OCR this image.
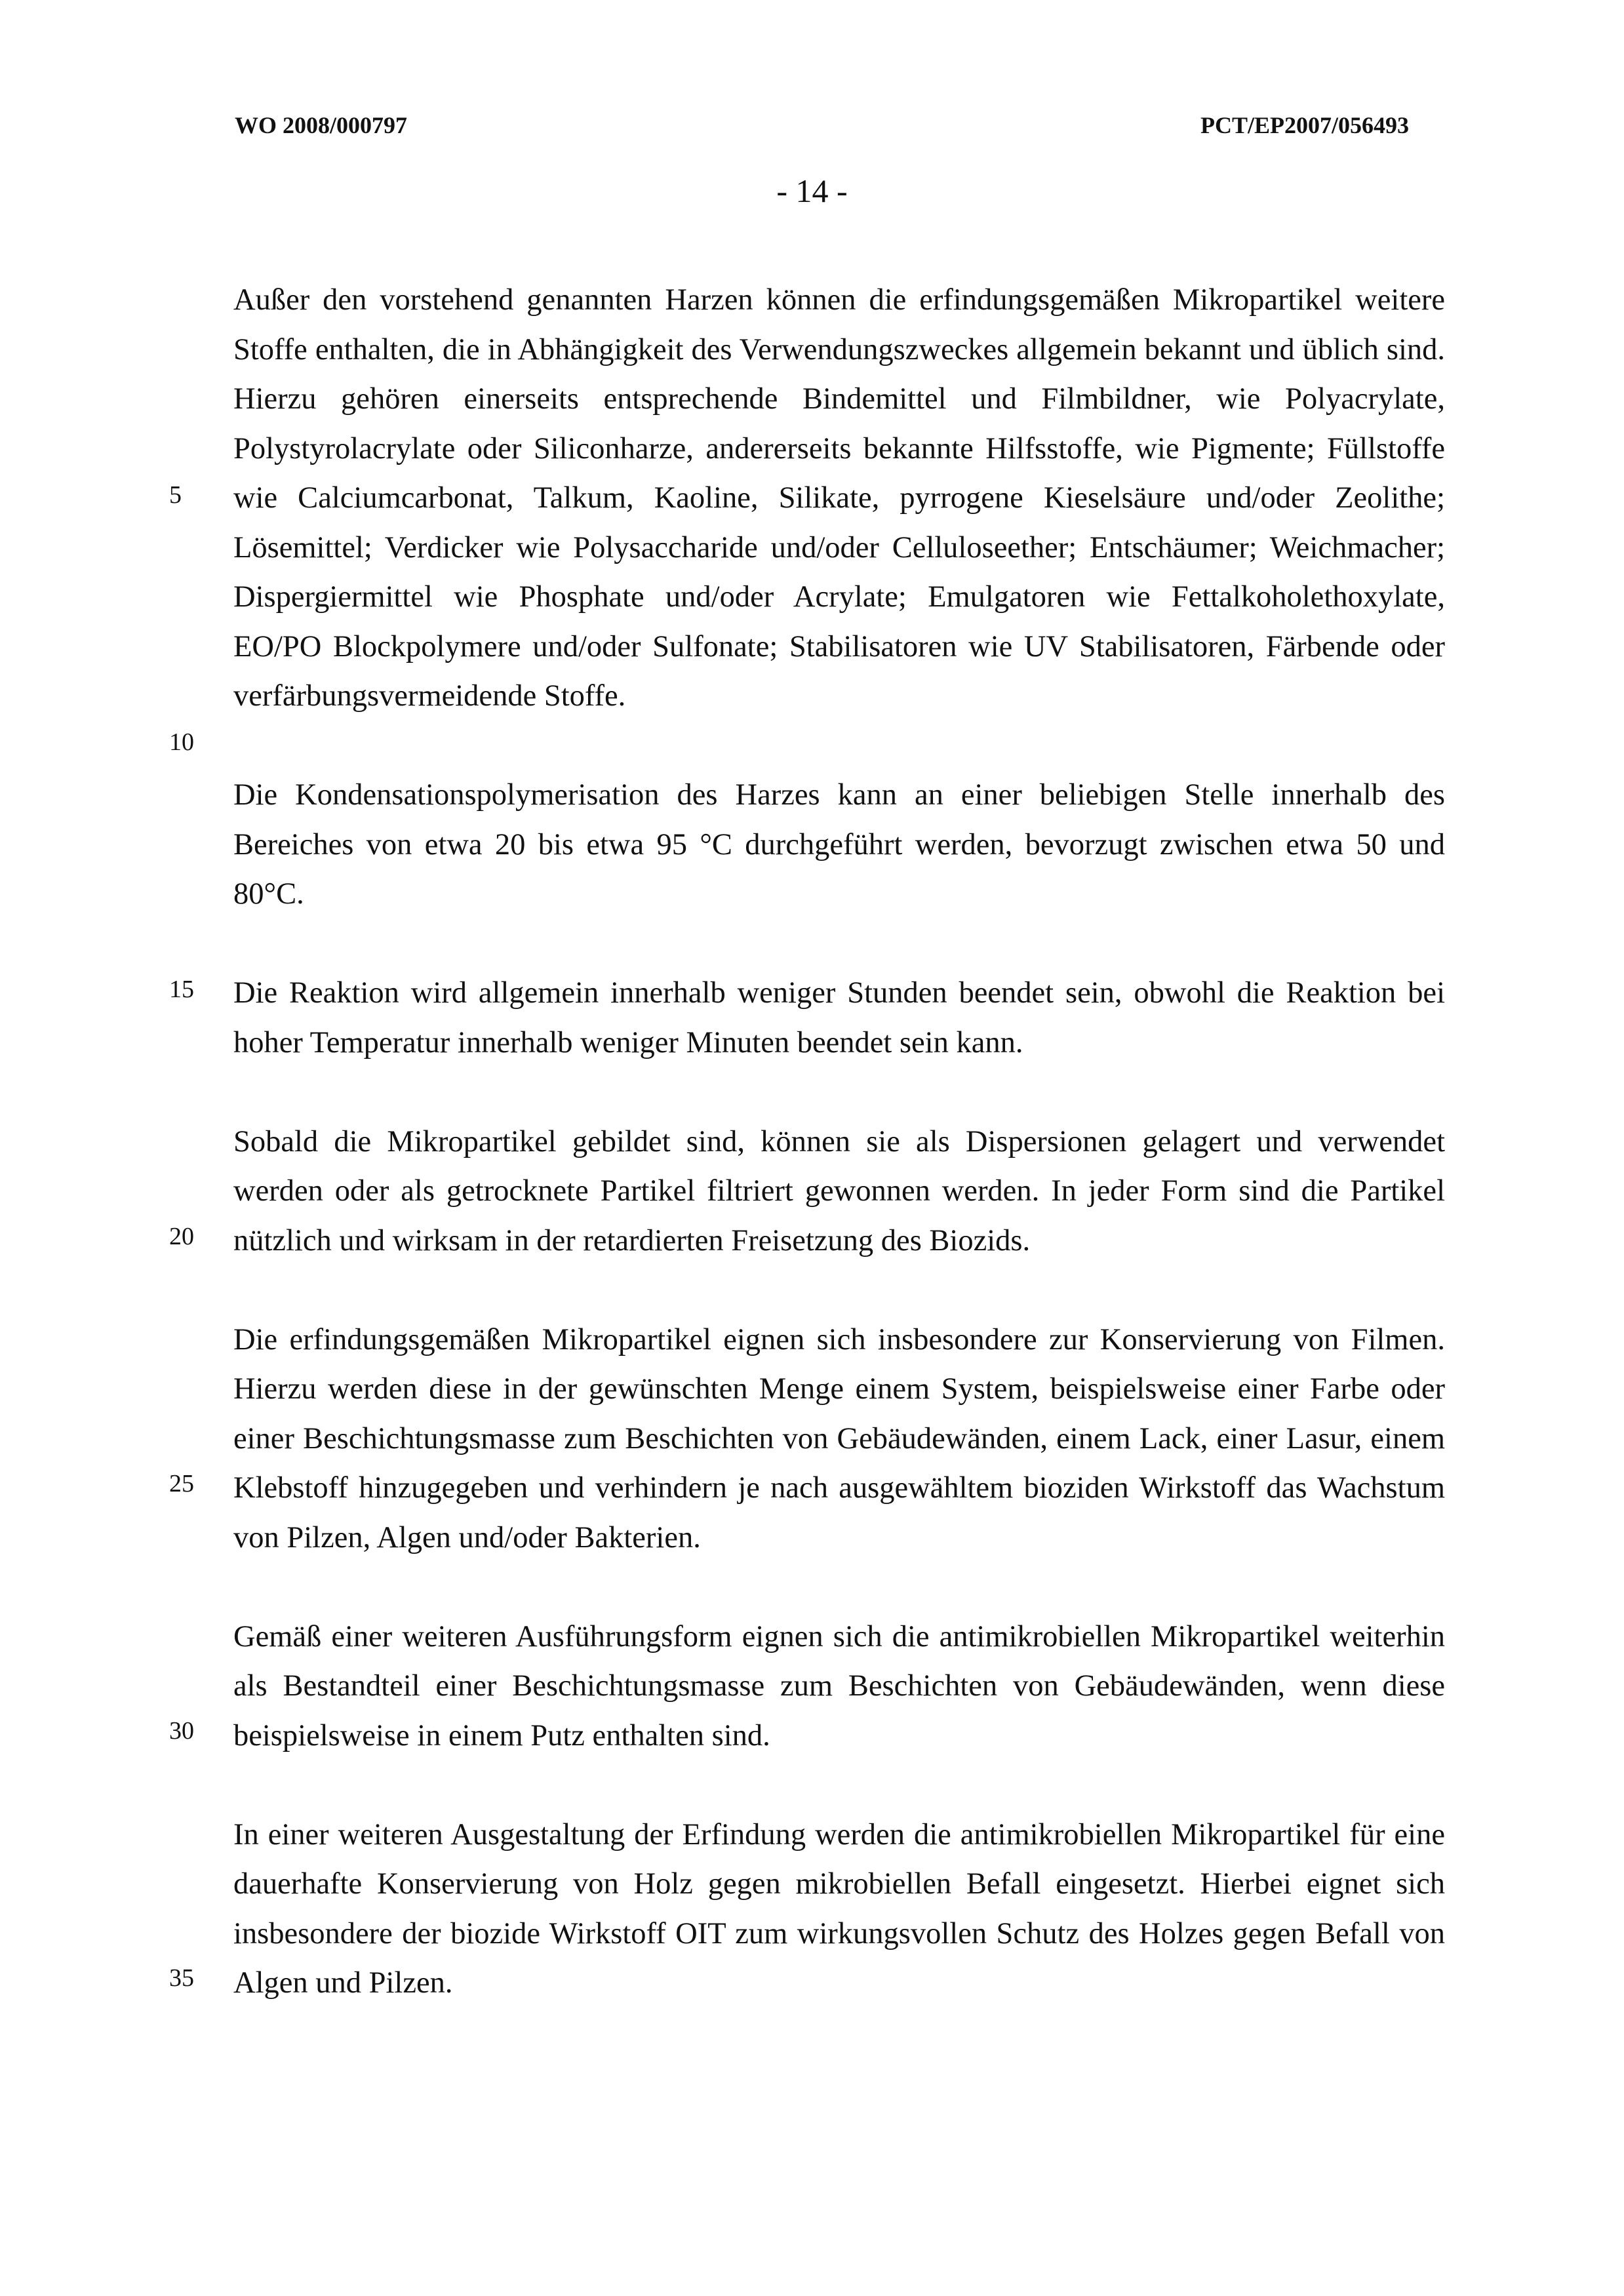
WO 2008/000797	PCT/EP2007/056493
- 14 -
5
10
15
20
25
30
35

Außer den vorstehend genannten Harzen können die erfindungsgemäßen Mikropartikel weitere Stoffe enthalten, die in Abhängigkeit des Verwendungszweckes allgemein bekannt und üblich sind. Hierzu gehören einerseits entsprechende Bindemittel und Filmbildner, wie Polyacrylate, Polystyrolacrylate oder Siliconharze, andererseits bekannte Hilfsstoffe, wie Pigmente; Füllstoffe wie Calciumcarbonat, Talkum, Kaoline, Silikate, pyrrogene Kieselsäure und/oder Zeolithe; Lösemittel; Verdicker wie Polysaccharide und/oder Celluloseether; Entschäumer; Weichmacher; Dispergiermittel wie Phosphate und/oder Acrylate; Emulgatoren wie Fettalkoholethoxylate, EO/PO Blockpolymere und/oder Sulfonate; Stabilisatoren wie UV Stabilisatoren, Färbende oder verfärbungsvermeidende Stoffe.

Die Kondensationspolymerisation des Harzes kann an einer beliebigen Stelle innerhalb des Bereiches von etwa 20 bis etwa 95 °C durchgeführt werden, bevorzugt zwischen etwa 50 und 80°C.

Die Reaktion wird allgemein innerhalb weniger Stunden beendet sein, obwohl die Reaktion bei hoher Temperatur innerhalb weniger Minuten beendet sein kann.

Sobald die Mikropartikel gebildet sind, können sie als Dispersionen gelagert und verwendet werden oder als getrocknete Partikel filtriert gewonnen werden. In jeder Form sind die Partikel nützlich und wirksam in der retardierten Freisetzung des Biozids.

Die erfindungsgemäßen Mikropartikel eignen sich insbesondere zur Konservierung von Filmen. Hierzu werden diese in der gewünschten Menge einem System, beispielsweise einer Farbe oder einer Beschichtungsmasse zum Beschichten von Gebäudewänden, einem Lack, einer Lasur, einem Klebstoff hinzugegeben und verhindern je nach ausgewähltem bioziden Wirkstoff das Wachstum von Pilzen, Algen und/oder Bakterien.

Gemäß einer weiteren Ausführungsform eignen sich die antimikrobiellen Mikropartikel weiterhin als Bestandteil einer Beschichtungsmasse zum Beschichten von Gebäudewänden, wenn diese beispielsweise in einem Putz enthalten sind.

In einer weiteren Ausgestaltung der Erfindung werden die antimikrobiellen Mikropartikel für eine dauerhafte Konservierung von Holz gegen mikrobiellen Befall eingesetzt. Hierbei eignet sich insbesondere der biozide Wirkstoff OIT zum wirkungsvollen Schutz des Holzes gegen Befall von Algen und Pilzen.
